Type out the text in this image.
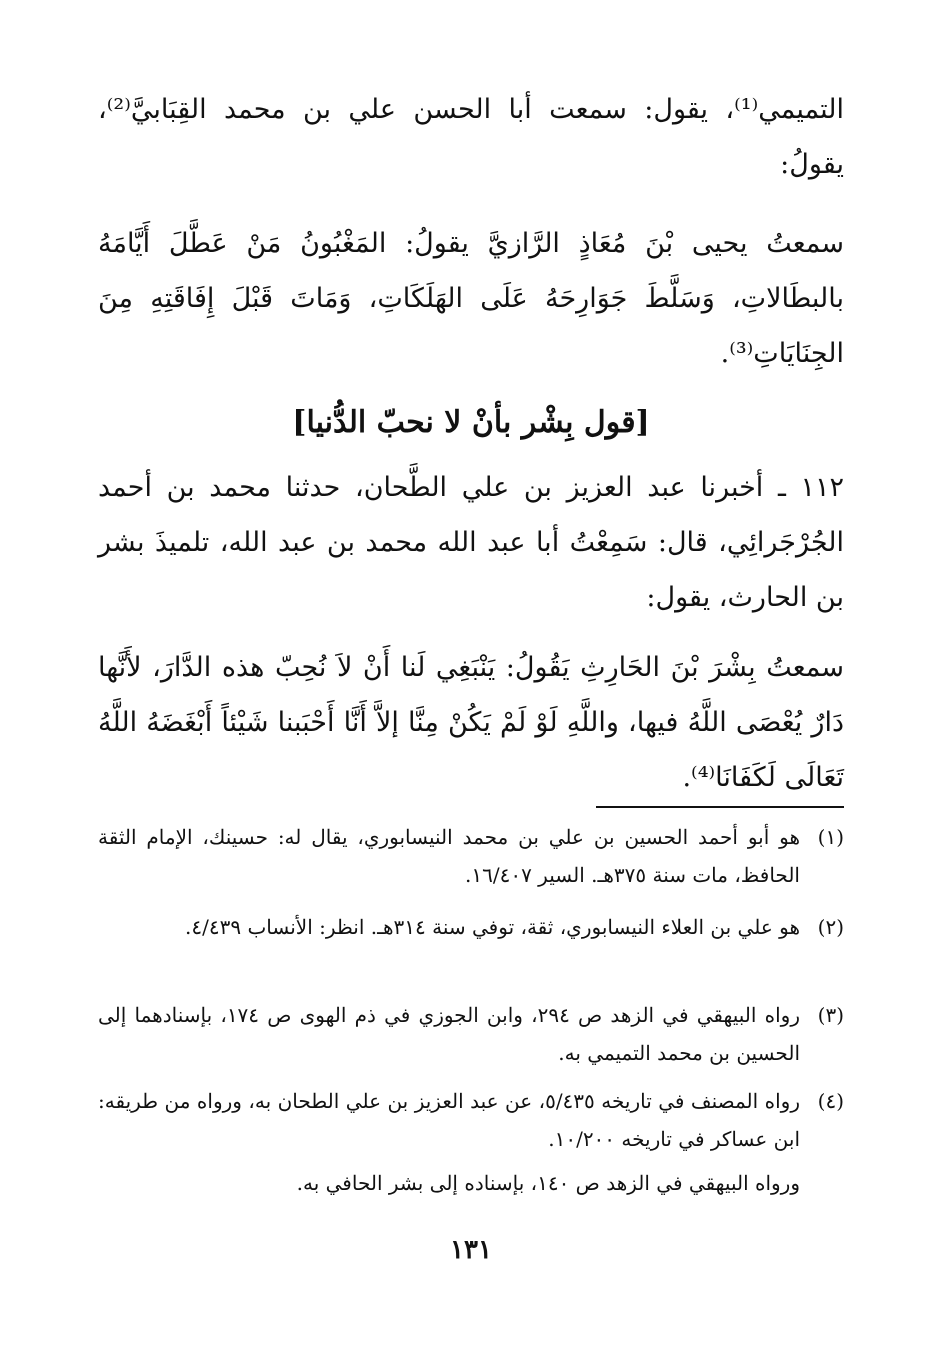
التميمي⁽¹⁾، يقول: سمعت أبا الحسن علي بن محمد القِبَابيَّ⁽²⁾، يقولُ:

سمعتُ يحيى بْنَ مُعَاذٍ الرَّازيَّ يقولُ: المَغْبُونُ مَنْ عَطَّلَ أَيَّامَهُ بالبطَالاتِ، وَسَلَّطَ جَوَارِحَهُ عَلَى الهَلَكَاتِ، وَمَاتَ قَبْلَ إِفَاقَتِهِ مِنَ الجِنَايَاتِ⁽³⁾.

[قول بِشْر بأنْ لا نحبّ الدُّنيا]

١١٢ ـ أخبرنا عبد العزيز بن علي الطَّحان، حدثنا محمد بن أحمد الجُرْجَرائِي، قال: سَمِعْتُ أبا عبد الله محمد بن عبد الله، تلميذَ بشر بن الحارث، يقول:

سمعتُ بِشْرَ بْنَ الحَارِثِ يَقُولُ: يَنْبَغِي لَنا أَنْ لاَ نُحِبّ هذه الدَّارَ، لأَنَّها دَارٌ يُعْصَى اللَّهُ فيها، واللَّهِ لَوْ لَمْ يَكُنْ مِنَّا إلاَّ أَنَّا أَحْبَبنا شَيْئاً أَبْغَضَهُ اللَّهُ تَعَالَى لَكَفَانَا⁽⁴⁾.

(١)
هو أبو أحمد الحسين بن علي بن محمد النيسابوري، يقال له: حسينك، الإمام الثقة الحافظ، مات سنة ٣٧٥هـ. السير ١٦/٤٠٧.
(٢)
هو علي بن العلاء النيسابوري، ثقة، توفي سنة ٣١٤هـ. انظر: الأنساب ٤/٤٣٩.
(٣)
رواه البيهقي في الزهد ص ٢٩٤، وابن الجوزي في ذم الهوى ص ١٧٤، بإسنادهما إلى الحسين بن محمد التميمي به.
(٤)
رواه المصنف في تاريخه ٥/٤٣٥، عن عبد العزيز بن علي الطحان به، ورواه من طريقه: ابن عساكر في تاريخه ١٠/٢٠٠.
ورواه البيهقي في الزهد ص ١٤٠، بإسناده إلى بشر الحافي به.
١٣١
